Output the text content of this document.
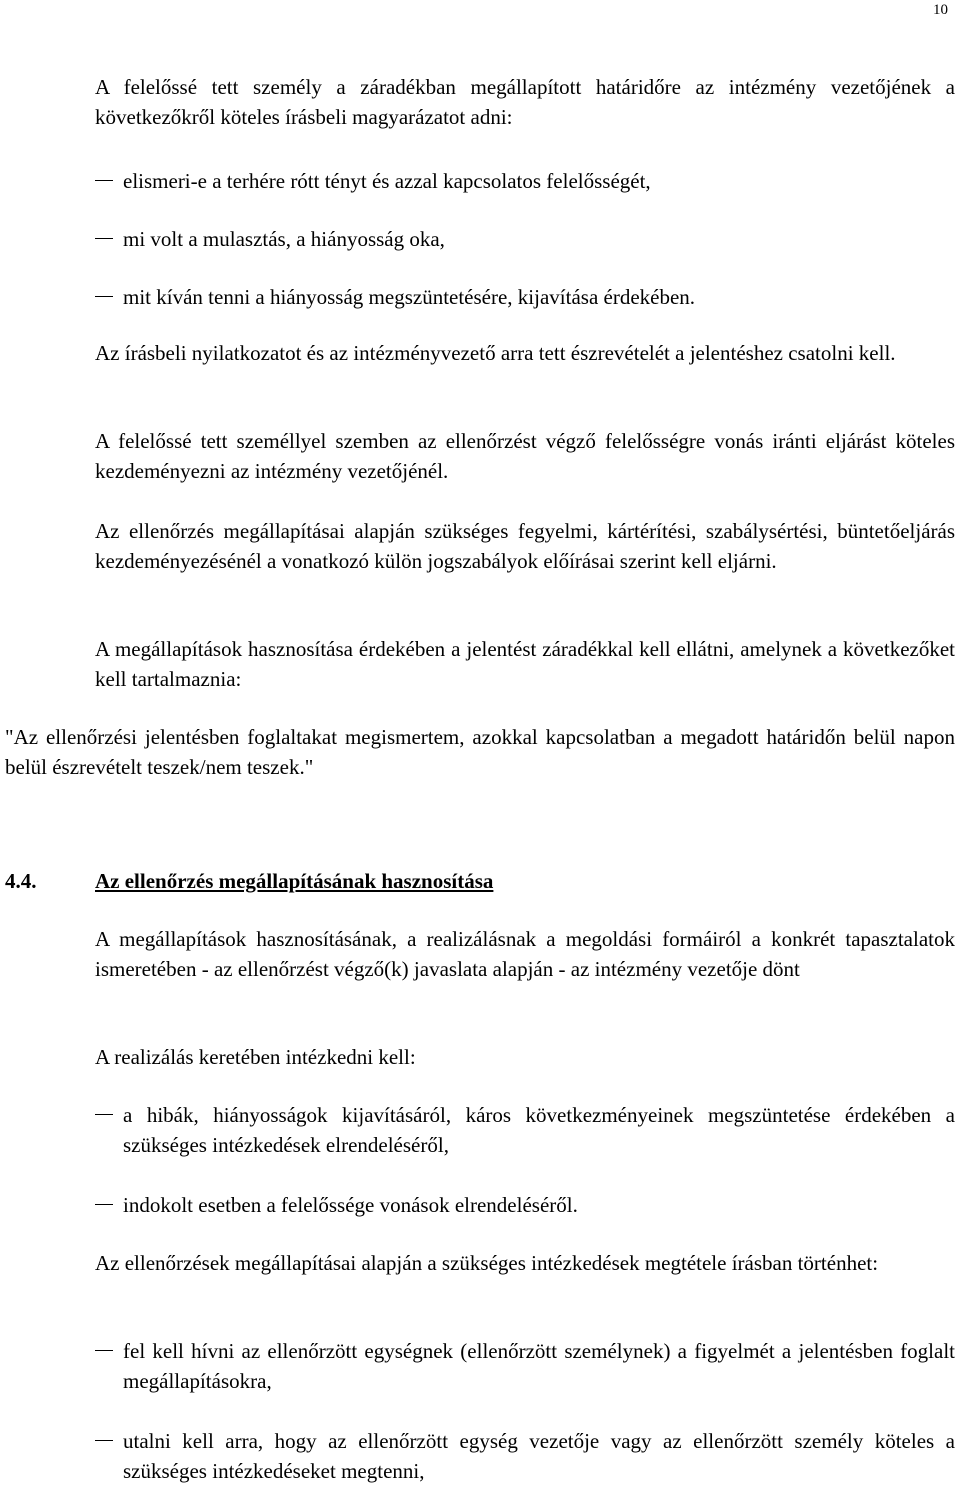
10
A felelőssé tett személy a záradékban megállapított határidőre az intézmény vezetőjének a következőkről köteles írásbeli magyarázatot adni:
elismeri-e a terhére rótt tényt és azzal kapcsolatos felelősségét,
mi volt a mulasztás, a hiányosság oka,
mit kíván tenni a hiányosság megszüntetésére, kijavítása érdekében.
Az írásbeli nyilatkozatot és az intézményvezető arra tett észrevételét a jelentéshez csatolni kell.
A felelőssé tett személlyel szemben az ellenőrzést végző felelősségre vonás iránti eljárást köteles kezdeményezni az intézmény vezetőjénél.
Az ellenőrzés megállapításai alapján szükséges fegyelmi, kártérítési, szabálysértési, büntetőeljárás kezdeményezésénél a vonatkozó külön jogszabályok előírásai szerint kell eljárni.
A megállapítások hasznosítása érdekében a jelentést záradékkal kell ellátni, amelynek a következőket kell tartalmaznia:
"Az ellenőrzési jelentésben foglaltakat megismertem, azokkal kapcsolatban a megadott határidőn belül napon belül észrevételt teszek/nem teszek."
4.4.	Az ellenőrzés megállapításának hasznosítása
A megállapítások hasznosításának, a realizálásnak a megoldási formáiról a konkrét tapasztalatok ismeretében - az ellenőrzést végző(k) javaslata alapján - az intézmény vezetője dönt
A realizálás keretében intézkedni kell:
a hibák, hiányosságok kijavításáról, káros következményeinek megszüntetése érdekében a szükséges intézkedések elrendeléséről,
indokolt esetben a felelőssége vonások elrendeléséről.
Az ellenőrzések megállapításai alapján a szükséges intézkedések megtétele írásban történhet:
fel kell hívni az ellenőrzött egységnek (ellenőrzött személynek) a figyelmét a jelentésben foglalt megállapításokra,
utalni kell arra, hogy az ellenőrzött egység vezetője vagy az ellenőrzött személy köteles a szükséges intézkedéseket megtenni,
